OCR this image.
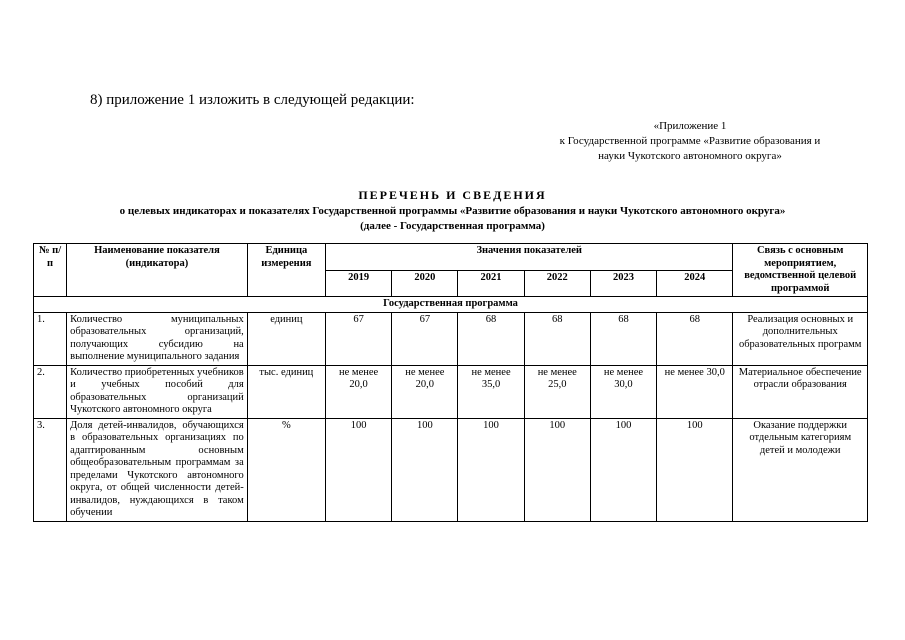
8) приложение 1 изложить в следующей редакции:
«Приложение 1
к Государственной программе «Развитие образования и
науки Чукотского автономного округа»
ПЕРЕЧЕНЬ И СВЕДЕНИЯ
о целевых индикаторах и показателях Государственной программы «Развитие образования и науки Чукотского автономного округа»
(далее - Государственная программа)
№ п/п	Наименование показателя (индикатора)	Единица измерения	Значения показателей						Связь с основным мероприятием, ведомственной целевой программой
			2019	2020	2021	2022	2023	2024	
Государственная программа									
1.	Количество муниципальных образовательных организаций, получающих субсидию на выполнение муниципального задания	единиц	67	67	68	68	68	68	Реализация основных и дополнительных образовательных программ
2.	Количество приобретенных учебников и учебных пособий для образовательных организаций Чукотского автономного округа	тыс. единиц	не менее 20,0	не менее 20,0	не менее 35,0	не менее 25,0	не менее 30,0	не менее 30,0	Материальное обеспечение отрасли образования
3.	Доля детей-инвалидов, обучающихся в образовательных организациях по адаптированным основным общеобразовательным программам за пределами Чукотского автономного округа, от общей численности детей-инвалидов, нуждающихся в таком обучении	%	100	100	100	100	100	100	Оказание поддержки отдельным категориям детей и молодежи
